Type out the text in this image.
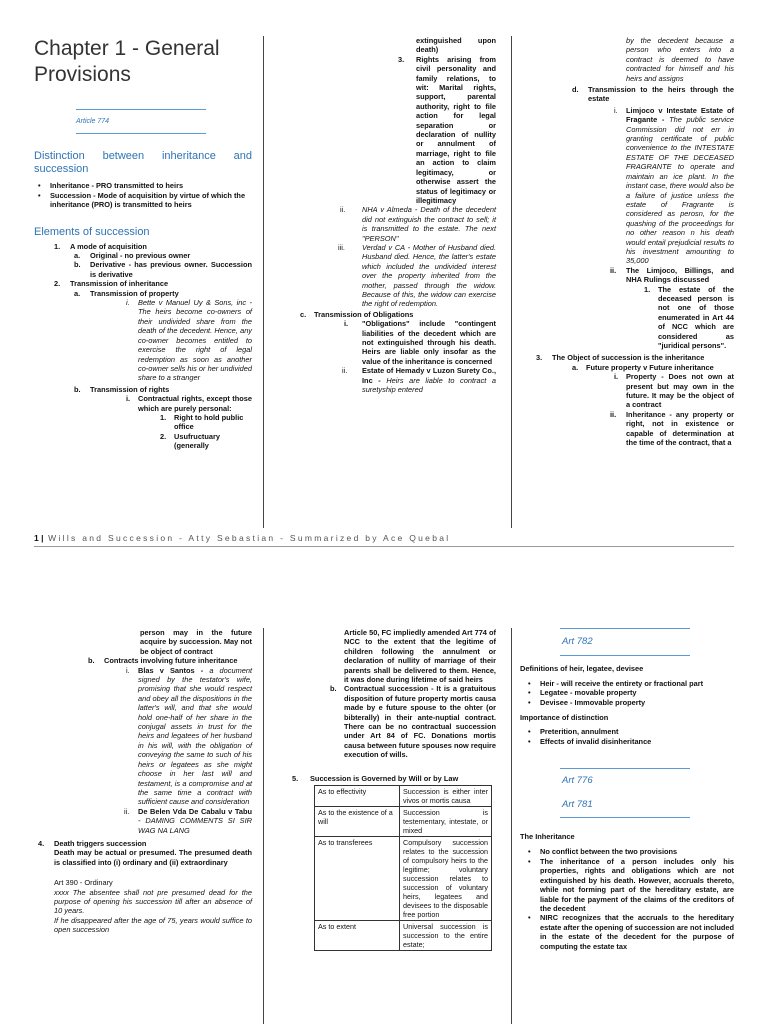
Chapter 1 - General Provisions
Article 774
Distinction between inheritance and succession
• Inheritance - PRO transmitted to heirs
• Succession - Mode of acquisition by virtue of which the inheritance (PRO) is transmitted to heirs
Elements of succession
1. A mode of acquisition
a. Original - no previous owner
b. Derivative - has previous owner. Succession is derivative
2. Transmission of inheritance
a. Transmission of property
i. Bette v Manuel Uy & Sons, inc - The heirs become co-owners of their undivided share from the death of the decedent. Hence, any co-owner becomes entitled to exercise the right of legal redemption as soon as another co-owner sells his or her undivided share to a stranger
b. Transmission of rights
i. Contractual rights, except those which are purely personal:
1. Right to hold public office
2. Usufructuary (generally
extinguished upon death)
3. Rights arising from civil personality and family relations, to wit: Marital rights, support, parental authority, right to file action for legal separation or declaration of nullity or annulment of marriage, right to file an action to claim legitimacy, or otherwise assert the status of legitimacy or illegitimacy
ii. NHA v Almeda - Death of the decedent did not extinguish the contract to sell; it is transmitted to the estate. The next "PERSON"
iii. Verdad v CA - Mother of Husband died. Husband died. Hence, the latter's estate which included the undivided interest over the property inherited from the mother, passed through the widow. Because of this, the widow can exercise the right of redemption.
c. Transmission of Obligations
i. "Obligations" include "contingent liabilities of the decedent which are not extinguished through his death. Heirs are liable only insofar as the value of the inheritance is concerned
ii. Estate of Hemady v Luzon Surety Co., Inc - Heirs are liable to contract a suretyship entered
by the decedent because a person who enters into a contract is deemed to have contracted for himself and his heirs and assigns
d. Transmission to the heirs through the estate
i. Limjoco v Intestate Estate of Fragante - The public service Commission did not err in granting certificate of public convenience to the INTESTATE ESTATE OF THE DECEASED FRAGRANTE to operate and maintain an ice plant. In the instant case, there would also be a failure of justice unless the estate of Fragrante is considered as perosn, for the quashing of the proceedings for no other reason n his death would entail prejudicial results to his investment amounting to 35,000
ii. The Limjoco, Billings, and NHA Rulings discussed
1. The estate of the deceased person is not one of those enumerated in Art 44 of NCC which are considered as "juridical persons".
3. The Object of succession is the inheritance
a. Future property v Future inheritance
i. Property - Does not own at present but may own in the future. It may be the object of a contract
ii. Inheritance - any property or right, not in existence or capable of determination at the time of the contract, that a
1 | Wills and Succession - Atty Sebastian - Summarized by Ace Quebal
person may in the future acquire by succession. May not be object of contract
b. Contracts involving future inheritance
i. Blas v Santos - a document signed by the testator's wife, promising that she would respect and obey all the dispositions in the latter's will, and that she would hold one-half of her share in the conjugal assets in trust for the heirs and legatees of her husband in his will, with the obligation of conveying the same to such of his heirs or legatees as she might choose in her last will and testament, is a compromise and at the same time a contract with sufficient cause and consideration
ii. De Belen Vda De Cabalu v Tabu - DAMING COMMENTS SI SIR WAG NA LANG
4. Death triggers succession
Death may be actual or presumed. The presumed death is classified into (i) ordinary and (ii) extraordinary
Art 390 - Ordinary
xxxx The absentee shall not pre presumed dead for the purpose of opening his succession till after an absence of 10 years.
If he disappeared after the age of 75, years would suffice to open succession
Article 50, FC impliedly amended Art 774 of NCC to the extent that the legitime of children following the annulment or declaration of nullity of marriage of their parents shall be delivered to them. Hence, it was done during lifetime of said heirs
b. Contractual succession - It is a gratuitous disposition of future property mortis causa made by e future spouse to the ohter (or bibterally) in their ante-nuptial contract. There can be no contractual succession under Art 84 of FC. Donations mortis causa between future spouses now require execution of wills.
5. Succession is Governed by Will or by Law
As to effectivity	Succession is either inter vivos or mortis causa
As to the existence of a will	Succession is testementary, intestate, or mixed
As to transferees	Compulsory succession relates to the succession of compulsory heirs to the legitime; voluntary succession relates to succession of voluntary heirs, legatees and devisees to the disposable free portion
As to extent	Universal succession is succession to the entire estate;
Art 782
Definitions of heir, legatee, devisee
• Heir - will receive the entirety or fractional part
• Legatee - movable property
• Devisee - Immovable property
Importance of distinction
• Preterition, annulment
• Effects of invalid disinheritance
Art 776
Art 781
The Inheritance
• No conflict between the two provisions
• The inheritance of a person includes only his properties, rights and obligations which are not extinguished by his death. However, accruals thereto, while not forming part of the hereditary estate, are liable for the payment of the claims of the creditors of the decedent
• NIRC recognizes that the accruals to the hereditary estate after the opening of succession are not included in the estate of the decedent for the purpose of computing the estate tax
